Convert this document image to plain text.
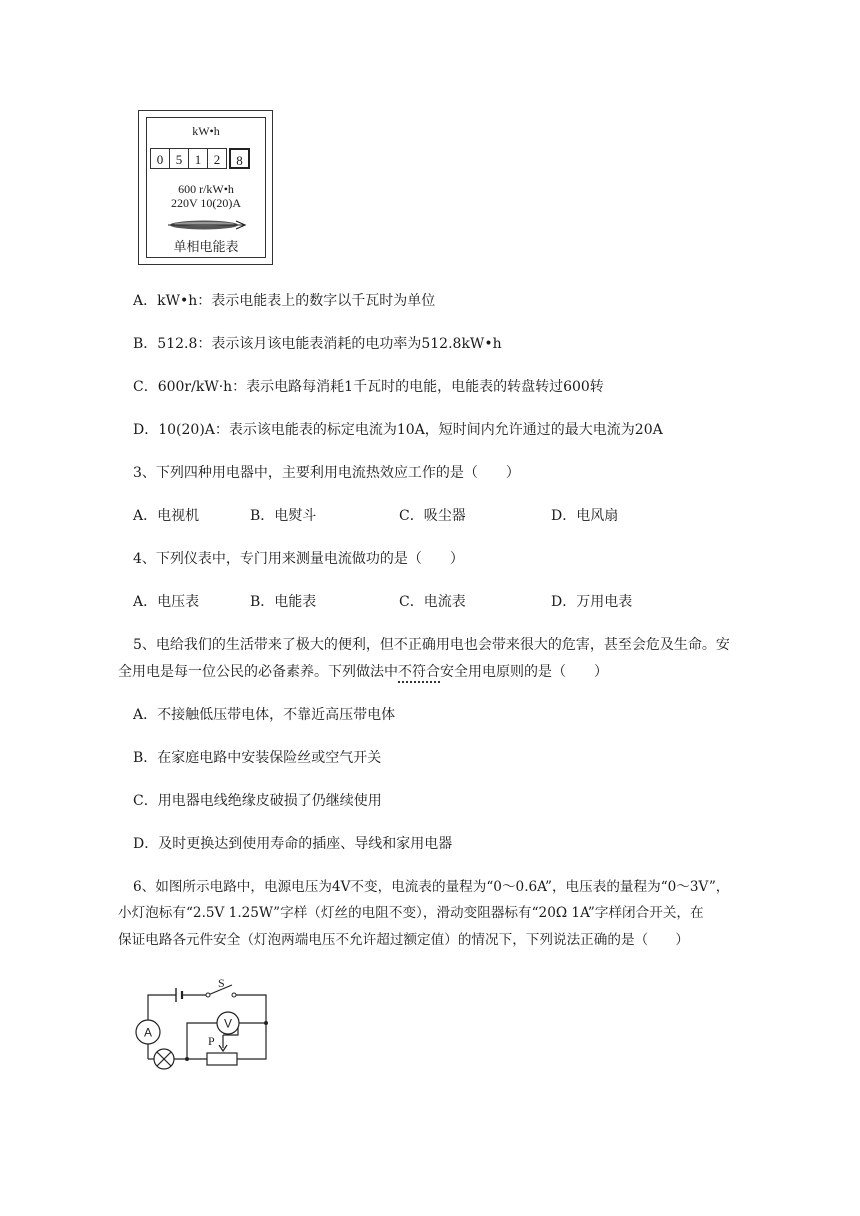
kW•h
0 5 1 2	8
600 r/kW•h
220V 10(20)A
单相电能表
A．kW•h：表示电能表上的数字以千瓦时为单位
B．512.8：表示该月该电能表消耗的电功率为512.8kW•h
C．600r/kW·h：表示电路每消耗1千瓦时的电能，电能表的转盘转过600转
D．10(20)A：表示该电能表的标定电流为10A，短时间内允许通过的最大电流为20A
3、下列四种用电器中，主要利用电流热效应工作的是（　　）
A．电视机	B．电熨斗	C．吸尘器	D．电风扇
4、下列仪表中，专门用来测量电流做功的是（　　）
A．电压表	B．电能表	C．电流表	D．万用电表
5、电给我们的生活带来了极大的便利，但不正确用电也会带来很大的危害，甚至会危及生命。安
全用电是每一位公民的必备素养。下列做法中不符合安全用电原则的是（　　）
A．不接触低压带电体，不靠近高压带电体
B．在家庭电路中安装保险丝或空气开关
C．用电器电线绝缘皮破损了仍继续使用
D．及时更换达到使用寿命的插座、导线和家用电器
6、如图所示电路中，电源电压为4V不变，电流表的量程为“0～0.6A”，电压表的量程为“0～3V”，
小灯泡标有“2.5V 1.25W”字样（灯丝的电阻不变），滑动变阻器标有“20Ω 1A”字样闭合开关，在
保证电路各元件安全（灯泡两端电压不允许超过额定值）的情况下，下列说法正确的是（　　）
A
V
S
P
